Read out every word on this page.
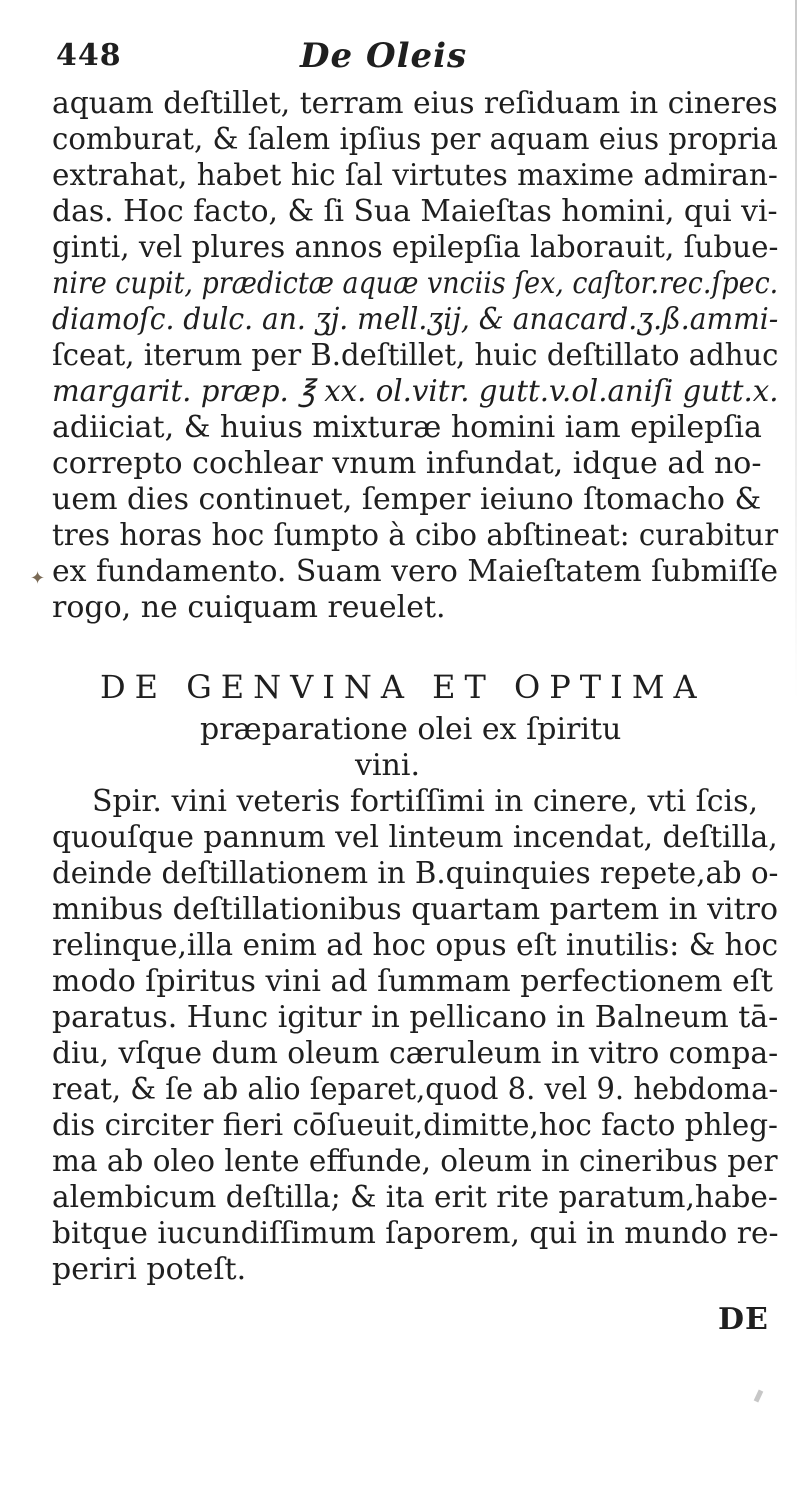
448	De Oleis
aquam deſtillet, terram eius reſiduam in cineres
comburat, & ſalem ipſius per aquam eius propria
extrahat, habet hic ſal virtutes maxime admiran-
das. Hoc facto, & ſi Sua Maieſtas homini, qui vi-
ginti, vel plures annos epilepſia laborauit, ſubue-
nire cupit, prædictæ aquæ vnciis ſex, caſtor.rec.ſpec.
diamoſc. dulc. an. ʒj. mell.ʒij, & anacard.ʒ.ß.ammi-
ſceat, iterum per B.deſtillet, huic deſtillato adhuc
margarit. præp. ℥ xx. ol.vitr. gutt.v.ol.aniſi gutt.x.
adiiciat, & huius mixturæ homini iam epilepſia
correpto cochlear vnum infundat, idque ad no-
uem dies continuet, ſemper ieiuno ſtomacho &
tres horas hoc ſumpto à cibo abſtineat: curabitur
ex fundamento. Suam vero Maieſtatem ſubmiſſe
rogo, ne cuiquam reuelet.
✦
DE GENVINA ET OPTIMA
præparatione olei ex ſpiritu
vini.
Spir. vini veteris fortiſſimi in cinere, vti ſcis,
quouſque pannum vel linteum incendat, deſtilla,
deinde deſtillationem in B.quinquies repete,ab o-
mnibus deſtillationibus quartam partem in vitro
relinque,illa enim ad hoc opus eſt inutilis: & hoc
modo ſpiritus vini ad ſummam perfectionem eſt
paratus. Hunc igitur in pellicano in Balneum tā-
diu, vſque dum oleum cæruleum in vitro compa-
reat, & ſe ab alio ſeparet,quod 8. vel 9. hebdoma-
dis circiter fieri cōſueuit,dimitte,hoc facto phleg-
ma ab oleo lente effunde, oleum in cineribus per
alembicum deſtilla; & ita erit rite paratum,habe-
bitque iucundiſſimum ſaporem, qui in mundo re-
periri poteſt.
DE
